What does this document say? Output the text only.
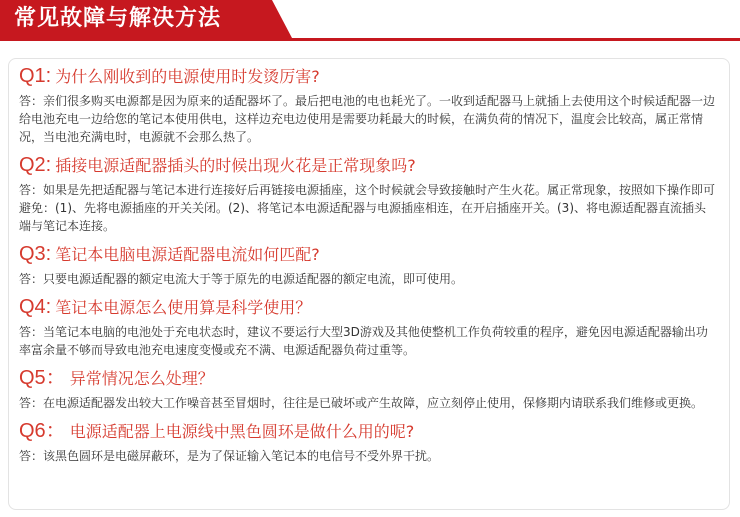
常见故障与解决方法
Q1: 为什么刚收到的电源使用时发烫厉害?
答：亲们很多购买电源都是因为原来的适配器坏了。最后把电池的电也耗光了。一收到适配器马上就插上去使用这个时候适配器一边给电池充电一边给您的笔记本使用供电，这样边充电边使用是需要功耗最大的时候，在满负荷的情况下，温度会比较高，属正常情况，当电池充满电时，电源就不会那么热了。
Q2: 插接电源适配器插头的时候出现火花是正常现象吗?
答：如果是先把适配器与笔记本进行连接好后再链接电源插座，这个时候就会导致接触时产生火花。属正常现象，按照如下操作即可避免：(1)、先将电源插座的开关关闭。(2)、将笔记本电源适配器与电源插座相连，在开启插座开关。(3)、将电源适配器直流插头端与笔记本连接。
Q3: 笔记本电脑电源适配器电流如何匹配?
答：只要电源适配器的额定电流大于等于原先的电源适配器的额定电流，即可使用。
Q4: 笔记本电源怎么使用算是科学使用？
答：当笔记本电脑的电池处于充电状态时，建议不要运行大型3D游戏及其他使整机工作负荷较重的程序，避免因电源适配器输出功率富余量不够而导致电池充电速度变慢或充不满、电源适配器负荷过重等。
Q5： 异常情况怎么处理？
答：在电源适配器发出较大工作噪音甚至冒烟时，往往是已破坏或产生故障，应立刻停止使用，保修期内请联系我们维修或更换。
Q6： 电源适配器上电源线中黑色圆环是做什么用的呢?
答：该黑色圆环是电磁屏蔽环，是为了保证输入笔记本的电信号不受外界干扰。
